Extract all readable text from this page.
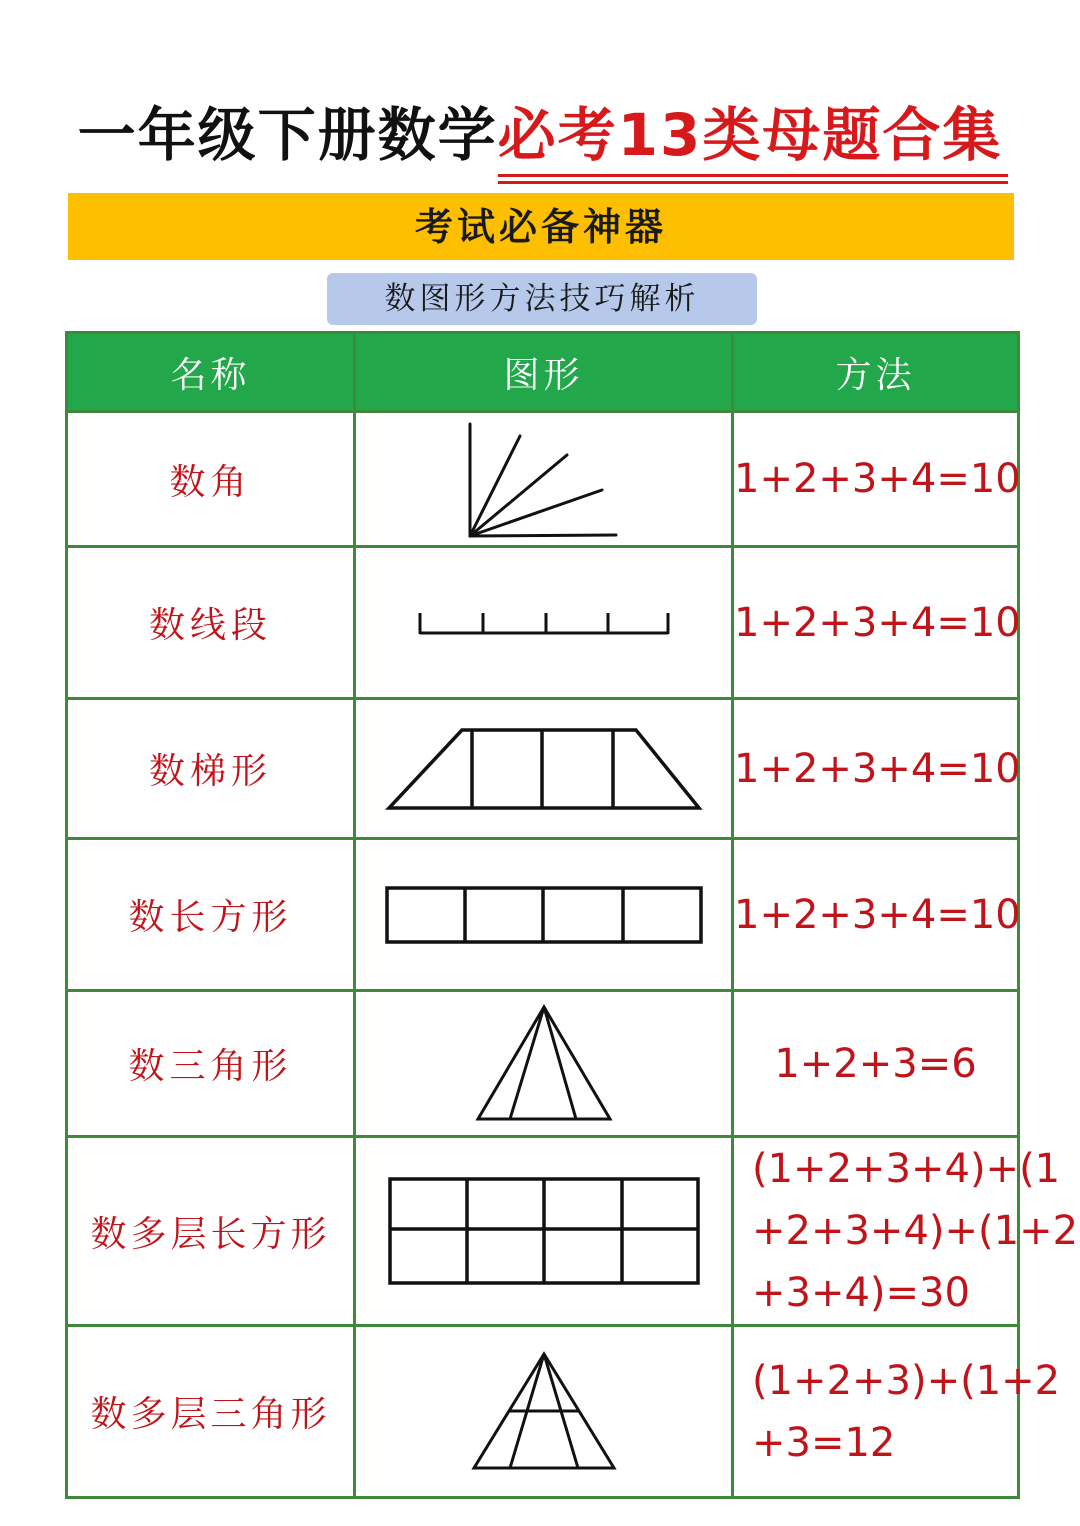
一年级下册数学必考13类母题合集
考试必备神器
数图形方法技巧解析
名称	图形	方法
数角		1+2+3+4=10
数线段		1+2+3+4=10
数梯形		1+2+3+4=10
数长方形		1+2+3+4=10
数三角形		1+2+3=6
数多层长方形		(1+2+3+4)+(1
+2+3+4)+(1+2
+3+4)=30

数多层三角形		(1+2+3)+(1+2
+3=12
